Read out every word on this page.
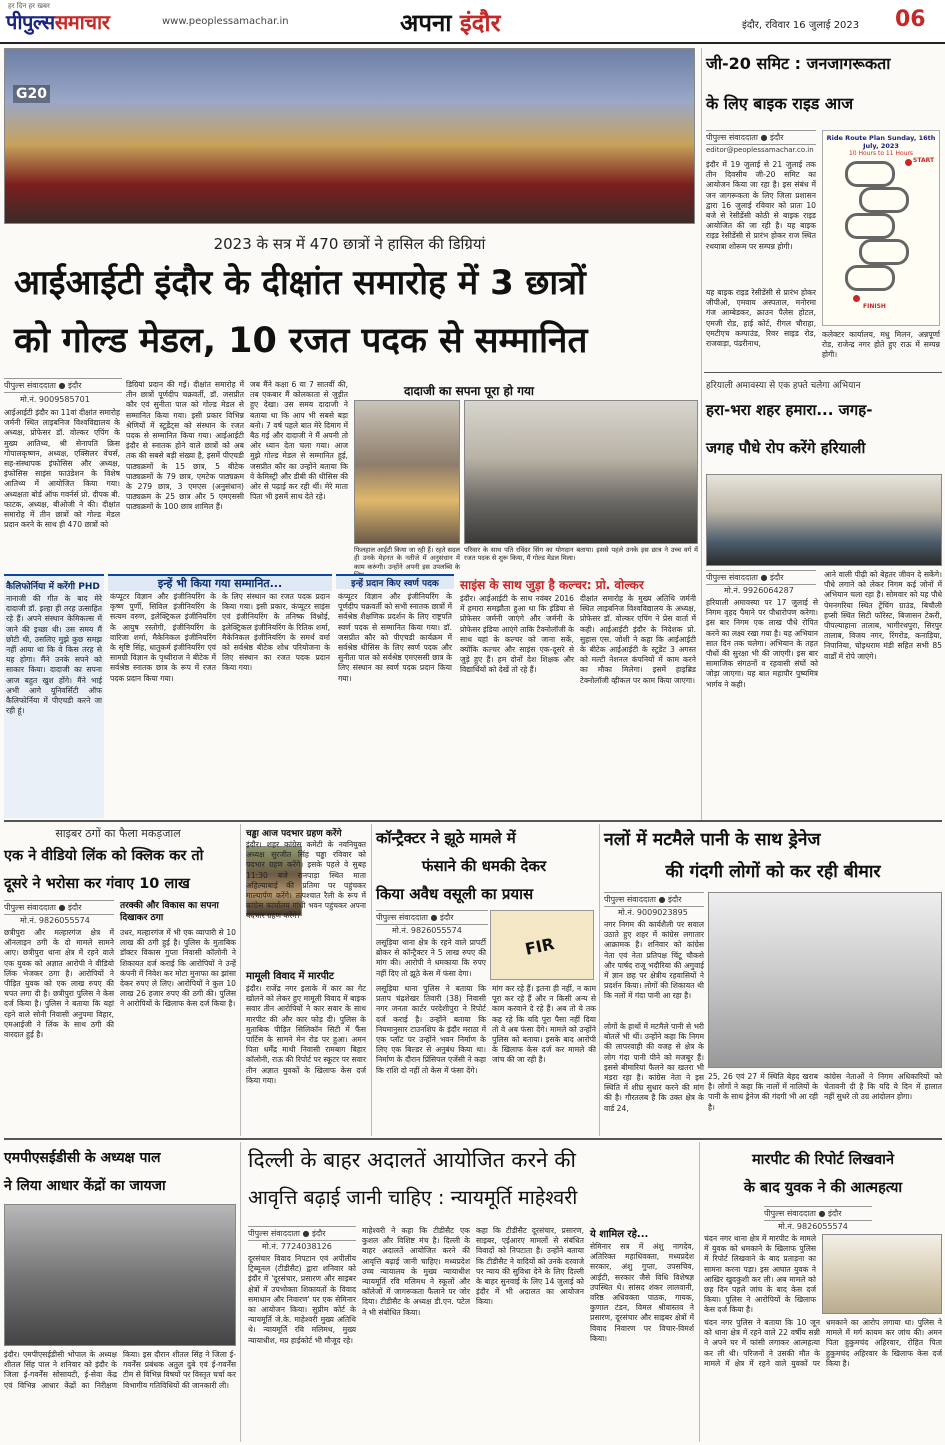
हर दिन हर खबर
पीपुल्ससमाचार	www.peoplessamachar.in	अपना इंदौर	इंदौर, रविवार 16 जुलाई 2023 06
G20
2023 के सत्र में 470 छात्रों ने हासिल की डिग्रियां
आईआईटी इंदौर के दीक्षांत समारोह में 3 छात्रों
को गोल्ड मेडल, 10 रजत पदक से सम्मानित
पीपुल्स संवाददाता ● इंदौर
मो.नं. 9009585701
आईआईटी इंदौर का 11वां दीक्षांत समारोह जर्मनी स्थित लाइबनिज विश्वविद्यालय के अध्यक्ष, प्रोफेसर डॉ. वोल्कर एपिंग के मुख्य आतिथ्य, श्री सेनापति क्रिस गोपालकृष्णन, अध्यक्ष, एक्सिलर वेंचर्स, सह-संस्थापक इंफोसिस और अध्यक्ष, इंफोसिस साइंस फाउंडेशन के विशेष आतिथ्य में आयोजित किया गया। अध्यक्षता बोर्ड ऑफ गवर्नर्स प्रो. दीपक बी. फाटक, अध्यक्ष, बीओजी ने की। दीक्षांत समारोह में तीन छात्रों को गोल्ड मेडल प्रदान करने के साथ ही 470 छात्रों को
डिग्रियां प्रदान की गईं। दीक्षांत समारोह में तीन छात्रों पूर्णदीप चक्रवर्ती, डॉ. जसप्रीत कौर एवं सुनीता पाल को गोल्ड मेडल से सम्मानित किया गया। इसी प्रकार विभिन्न श्रेणियों में स्टूडेंट्स को संस्थान के रजत पदक से सम्मानित किया गया। आईआईटी इंदौर से स्नातक होने वाले छात्रों को अब तक की सबसे बड़ी संख्या है, इसमें पीएचडी पाठ्यक्रमों के 15 छात्र, 5 बीटेक पाठ्यक्रमों के 79 छात्र, एमटेक पाठ्यक्रम के 279 छात्र, 3 एमएस (अनुसंधान) पाठ्यक्रम के 25 छात्र और 5 एमएससी पाठ्यक्रमों के 100 छात्र शामिल हैं।
दादाजी का सपना पूरा हो गया
जब मैंने कक्षा 6 या 7 सातवीं की, तब एकबार मैं कोलकाता से जुड़ीत हुए देखा। उस समय दादाजी ने बताया था कि आप भी सबसे बड़ा बनो। 7 वर्ष पहले बात मेरे दिमाग में बैठ गई और दादाजी ने मैं अपनी तो ओर ध्यान देता चला गया। आज मुझे गोल्ड मेडल से सम्मानित हुई, जसप्रीत कौर का उन्होंने बताया कि वे केमिस्ट्री और डीबी की थीसिस की ओर से पढ़ाई कर रही थीं। मेरे माता पिता भी इसमें साथ देते रहे।
फिलहाल आईटी किया जा रही हैं। रहते सदल ही उनके मेहनत के नतीजे में अनुसंधान में काम करूंगी। उन्होंने अपनी इस उपलब्धि के
परिवार के साथ पति रविंदर सिंग का योगदान बताया। इससे पहले उनके इस छात्र ने उच्च वर्ग में रजत पदक से शुरू किया, मैं गोल्ड मेडल मिला।
कैलिफोर्निया में करेंगी PHD
नानाजी की गीत के बाद मेरे दादाजी डॉ. इल्हा ही तरह उत्साहित रहे हैं। अपने संस्थान केमिकल्स में जाने की इच्छा थी। उस समय मैं छोटी थी, उसलिए मुझे कुछ समझ नहीं आया था कि वे किस तरह से यह होगा। मैंने उनके सपने को साकार किया। दादाजी का सपना आज बहुत खुश होंगे। मैंने भाई अभी आगे यूनिवर्सिटी ऑफ कैलिफोर्निया में पीएचडी करने जा रही हूं।
इन्हें भी किया गया सम्मानित...
कंप्यूटर विज्ञान और इंजीनियरिंग के कृष्ण पुर्णी, सिविल इंजीनियरिंग के सत्यम वरुण, इलेक्ट्रिकल इंजीनियरिंग के आयुष रस्तोगी, इंजीनियरिंग के वारिजा शर्मा, मैकेनिकल इंजीनियरिंग के सृष्टि सिंह, धातुकर्म इंजीनियरिंग एवं सामग्री विज्ञान के पृथ्वीराज ने बीटेक में सर्वश्रेष्ठ स्नातक छात्र के रूप में रजत पदक प्रदान किया गया।
के लिए संस्थान का रजत पदक प्रदान किया गया। इसी प्रकार, कंप्यूटर साइंस एवं इंजीनियरिंग के तनिष्क विश्नोई, इलेक्ट्रिकल इंजीनियरिंग के रितिक शर्मा, मैकेनिकल इंजीनियरिंग के समर्थ वर्मा को सर्वश्रेष्ठ बीटेक शोध परियोजना के लिए संस्थान का रजत पदक प्रदान किया गया।
इन्हें प्रदान किए स्वर्ण पदक
कंप्यूटर विज्ञान और इंजीनियरिंग के पूर्णदीप चक्रवर्ती को सभी स्नातक छात्रों में सर्वश्रेष्ठ शैक्षणिक प्रदर्शन के लिए राष्ट्रपति स्वर्ण पदक से सम्मानित किया गया। डॉ. जसप्रीत कौर को पीएचडी कार्यक्रम में सर्वश्रेष्ठ थीसिस के लिए स्वर्ण पदक और सुनीता पाल को सर्वश्रेष्ठ एमएससी छात्र के लिए संस्थान का स्वर्ण पदक प्रदान किया गया।
साइंस के साथ जुड़ा है कल्चर: प्रो. वोल्कर
इंदौर। आईआईटी के साथ नवंबर 2016 में हमारा समझौता हुआ था कि इंडिया से प्रोफेसर जर्मनी जाएंगे और जर्मनी के प्रोफेसर इंडिया आएंगे ताकि टैक्नोलॉजी के साथ यहां के कल्चर को जाना सकें, क्योंकि कल्चर और साइंस एक-दूसरे से जुड़े हुए हैं। हम दोनों देश शिक्षक और विद्यार्थियों को देखें तो रहे हैं।
दीक्षांत समारोह के मुख्य अतिथि जर्मनी स्थित लाइबनिज विश्वविद्यालय के अध्यक्ष, प्रोफेसर डॉ. वोल्कर एपिंग ने प्रेस वार्ता में कही। आईआईटी इंदौर के निदेशक प्रो. सुहास एस. जोशी ने कहा कि आईआईटी के बीटेक आईआईटी के स्टूडेंट 3 अगस्त को मल्टी नेशनल कंपनियों में काम करने का मौका मिलेगा। इसमें हाइब्रिड टेक्नोलॉजी व्हीकल पर काम किया जाएगा।
जी-20 समिट : जनजागरूकता
के लिए बाइक राइड आज
पीपुल्स संवाददाता ● इंदौर
editor@peoplessamachar.co.in
इंदौर में 19 जुलाई से 21 जुलाई तक तीन दिवसीय जी-20 समिट का आयोजन किया जा रहा है। इस संबंध में जन जागरूकता के लिए जिला प्रशासन द्वारा 16 जुलाई रविवार को प्रातः 10 बजे से रेसीडेंसी कोठी से बाइक राइड आयोजित की जा रही है। यह बाइक राइड रेसीडेंसी से प्रारंभ होकर राज स्थित रथयात्रा शोरूम पर सम्पन्न होगी।
यह बाइक राइड रेसीडेंसी से प्रारंभ होकर जीपीओ, एमवाय अस्पताल, मनोरमा गंज आम्बेडकर, क्राउन पैलेस होटल, एमजी रोड, हाई कोर्ट, रीगल चौराहा, एमटीएच कम्पाउंड, रिवर साइड रोड, राजवाड़ा, पंढरीनाथ,
कलेक्टर कार्यालय, मधु मिलन, अन्नपूर्णा रोड, राजेन्द्र नगर होते हुए राऊ में सम्पन्न होगी।
Ride Route Plan Sunday, 16th July, 2023
10 Hours to 11 Hours
START
FINISH
हरियाली अमावस्या से एक हफ्ते चलेगा अभियान
हरा-भरा शहर हमारा... जगह-
जगह पौधे रोप करेंगे हरियाली
पीपुल्स संवाददाता ● इंदौर
मो.नं. 9926064287
हरियाली अमावस्या पर 17 जुलाई से निगम वृहद पैमाने पर पौधारोपण करेगा। इस बार निगम एक लाख पौधे रोपित करने का लक्ष्य रखा गया है। यह अभियान सात दिन तक चलेगा। अभियान के तहत पौधों की सुरक्षा भी की जाएगी। इस बार सामाजिक संगठनों व रहवासी संघों को जोड़ा जाएगा। यह बात महापौर पुष्यमित्र भार्गव ने कही।
आने वाली पीढ़ी को बेहतर जीवन दे सकेंगे। पौधे लगाने को लेकर निगम कई जोनों में अभियान चला रहा है। सोमवार को यह पौधे पेमनगरिया स्थित ट्रेंचिंग ग्राउंड, बिचौली हप्सी स्थित सिटी फॉरेस्ट, बिजासन टेकरी, पीपल्याहाना तालाब, भागीरथपुरा, सिरपुर तालाब, विजय नगर, रिंगरोड, कनाड़िया, निपानिया, चोइथराम मंडी सहित सभी 85 वार्डों में रोपे जाएंगे।
साइबर ठगों का फैला मकड़जाल
एक ने वीडियो लिंक को क्लिक कर तो
दूसरे ने भरोसा कर गंवाए 10 लाख
पीपुल्स संवाददाता ● इंदौर
मो.नं. 9826055574
छत्रीपुरा और मल्हारगंज क्षेत्र में ऑनलाइन ठगी के दो मामले सामने आए। छत्रीपुरा थाना क्षेत्र में रहने वाले एक युवक को अज्ञात आरोपी ने वीडियो लिंक भेजकर ठगा है। आरोपियों ने पीड़ित युवक को एक लाख रुपए की चपत लगा दी है। छत्रीपुरा पुलिस ने केस दर्ज किया है। पुलिस ने बताया कि यहां रहने वाले सोनी निवासी अनुपमा विहार, एमआईजी ने लिंक के साथ ठगी की वारदात हुई है।
तरक्की और विकास का सपना दिखाकर ठगा
उधर, मल्हारगंज में भी एक व्यापारी से 10 लाख की ठगी हुई है। पुलिस के मुताबिक डॉक्टर विकास गुप्ता निवासी कॉलोनी ने शिकायत दर्ज कराई कि आरोपियों ने उन्हें कंपनी में निवेश कर मोटा मुनाफा का झांसा देकर रुपए ले लिए। आरोपियों ने कुल 10 लाख 26 हजार रुपए की ठगी की। पुलिस ने आरोपियों के खिलाफ केस दर्ज किया है।
चड्ढा आज पदभार ग्रहण करेंगे
इंदौर। शहर कांग्रेस कमेटी के नवनियुक्त अध्यक्ष सुरजीत सिंह चड्ढा रविवार को पदभार ग्रहण करेंगे। इसके पहले वे सुबह 11:30 बजे रानपाड़ा स्थित माता अहिल्याबाई की प्रतिमा पर पहुंचकर माल्यार्पण करेंगे। तत्पश्चात रैली के रूप में कांग्रेस कार्यालय गांधी भवन पहुंचकर अपना पदभार ग्रहण करेंगे।
मामूली विवाद में मारपीट
इंदौर। राजेंद्र नगर इलाके में कार का गेट खोलने को लेकर हुए मामूली विवाद में बाइक सवार तीन आरोपियों ने कार सवार के साथ मारपीट की और कार फोड़ दी। पुलिस के मुताबिक पीड़ित सिलिकॉन सिटी में फैंस पार्टिस के सामने मेन रोड पर हुआ। अमन पिता धर्मेंद्र माथी निवासी रामबाग बिहार कॉलोनी, राऊ की रिपोर्ट पर स्कूटर पर सवार तीन अज्ञात युवकों के खिलाफ केस दर्ज किया गया।
कॉन्ट्रैक्टर ने झूठे मामले में
फंसाने की धमकी देकर
किया अवैध वसूली का प्रयास
पीपुल्स संवाददाता ● इंदौर
मो.नं. 9826055574
FIR
लसूड़िया थाना क्षेत्र के रहने वाले प्रापर्टी ब्रोकर से कॉन्ट्रैक्टर ने 5 लाख रुपए की मांग की। आरोपी ने धमकाया कि रुपए नहीं दिए तो झूठे केस में फंसा देगा।
लसूड़िया थाना पुलिस ने बताया कि प्रताप चंद्रशेखर तिवारी (38) निवासी नगर जनता कार्टर परदेशीपुरा ने रिपोर्ट दर्ज कराई है। उन्होंने बताया कि नियमानुसार टाउनशिप के इंदौर मराठा में एक प्लॉट पर उन्होंने भवन निर्माण के लिए एक बिल्डर से अनुबंध किया था। निर्माण के दौरान प्रिंसिपल एजेंसी ने कहा कि राशि दो नहीं तो केस में फंसा देंगे।
मांग कर रहे हैं। इतना ही नहीं, न काम पूरा कर रहे हैं और न किसी अन्य से काम करवाने दे रहे हैं। अब तो ये तक कह रहे कि यदि पूरा पैसा नहीं दिया तो वे अब फंसा देंगे। मामले को उन्होंने पुलिस को बताया। इसके बाद आरोपी के खिलाफ केस दर्ज कर मामले की जांच की जा रही है।
नलों में मटमैले पानी के साथ ड्रेनेज
की गंदगी लोगों को कर रही बीमार
पीपुल्स संवाददाता ● इंदौर
मो.नं. 9009023895
नगर निगम की कार्यशैली पर सवाल उठाते हुए शहर में कांग्रेस लगातार आक्रामक है। शनिवार को कांग्रेस नेता एवं नेता प्रतिपक्ष चिंटू चौकसे और पार्षद राजू भदौरिया की अगुवाई में ज्ञान छह पर क्षेत्रीय रहवासियों ने प्रदर्शन किया। लोगों की शिकायत थी कि नलों में गंदा पानी आ रहा है।
लोगों के हाथों में मटमैले पानी से भरी बोतलें भी थीं। उन्होंने कहा कि निगम की लापरवाही की वजह से क्षेत्र के लोग गंदा पानी पीने को मजबूर हैं। इससे बीमारियां फैलने का खतरा भी मंडरा रहा है। कांग्रेस नेता ने इस स्थिति में शीघ्र सुधार करने की मांग की है। गौरतलब है कि उक्त क्षेत्र के वार्ड 24,
25, 26 एवं 27 में स्थिति बेहद खराब है। लोगों ने कहा कि नालों में नालियों के पानी के साथ ड्रेनेज की गंदगी भी आ रही है।
कांग्रेस नेताओं ने निगम अधिकारियों को चेतावनी दी है कि यदि ये दिन में हालात नहीं सुधरे तो उग्र आंदोलन होगा।
एमपीएसईडीसी के अध्यक्ष पाल
ने लिया आधार केंद्रों का जायजा
इंदौर। एमपीएसईडीसी भोपाल के अध्यक्ष शीतल सिंह पाल ने शनिवार को इंदौर के जिला ई-गवर्नेंस सोसायटी, ई-सेवा केंद्र एवं विभिन्न आधार केंद्रों का निरीक्षण किया। इस दौरान शीतल सिंह ने जिला ई-गवर्नेंस प्रबंधक अतुल दुबे एवं ई-गवर्नेंस टीम से विभिन्न विषयों पर विस्तृत चर्चा कर विभागीय गतिविधियों की जानकारी ली।
दिल्ली के बाहर अदालतें आयोजित करने की
आवृत्ति बढ़ाई जानी चाहिए : न्यायमूर्ति माहेश्वरी
पीपुल्स संवाददाता ● इंदौर
मो.नं. 7724038126
दूरसंचार विवाद निपटान एवं अपीलीय ट्रिब्यूनल (टीडीसैट) द्वारा शनिवार को इंदौर में 'दूरसंचार, प्रसारण और साइबर क्षेत्रों में उपभोक्ता शिकायतों के विवाद समाधान और निवारण' पर एक सेमिनार का आयोजन किया। सुप्रीम कोर्ट के न्यायमूर्ति जे.के. माहेश्वरी मुख्य अतिथि थे। न्यायमूर्ति रवि मलिमथ, मुख्य न्यायाधीश, मप्र हाईकोर्ट भी मौजूद रहे।
माहेश्वरी ने कहा कि टीडीसैट एक कुशल और विशिष्ट मंच है। दिल्ली के बाहर अदालतें आयोजित करने की आवृत्ति बढ़ाई जानी चाहिए। मध्यप्रदेश उच्च न्यायालय के मुख्य न्यायाधीश न्यायमूर्ति रवि मलिमथ ने स्कूलों और कॉलेजों में जागरूकता फैलाने पर जोर दिया। टीडीसैट के अध्यक्ष डी.एन. पटेल ने भी संबोधित किया।
कहा कि टीडीसैट दूरसंचार, प्रसारण, साइबर, एईआरए मामलों से संबंधित विवादों को निपटाता है। उन्होंने बताया कि टीडीसैट ने वादियों को उनके दरवाजे पर न्याय की सुविधा देने के लिए दिल्ली के बाहर सुनवाई के लिए 14 जुलाई को इंदौर में भी अदालत का आयोजन किया।
ये शामिल रहे...
सेमिनार सत्र में अंशु नागदेव, अतिरिक्त महाधिवक्ता, मध्यप्रदेश सरकार, अंशु गुप्ता, उपसचिव, आईटी, सरकार जैसे विधि विशेषज्ञ उपस्थित थे। सांसद शंकर लालवानी, वरिष्ठ अधिवक्ता पाठक, गायक, कुणाल टंडन, विमल श्रीवास्तव ने प्रसारण, दूरसंचार और साइबर क्षेत्रों में विवाद निवारण पर विचार-विमर्श किया।
मारपीट की रिपोर्ट लिखवाने
के बाद युवक ने की आत्महत्या
पीपुल्स संवाददाता ● इंदौर
मो.नं. 9826055574
चंदन नगर थाना क्षेत्र में मारपीट के मामले में युवक को धमकाने के खिलाफ पुलिस में रिपोर्ट लिखवाने के बाद प्रताड़ना का सामना करना पड़ा। इस आघात युवक ने आखिर खुदकुशी कर ली। अब मामले को छह दिन पहले जांच के बाद केस दर्ज किया। पुलिस ने आरोपियों के खिलाफ केस दर्ज किया है।
चंदन नगर पुलिस ने बताया कि 10 जून को थाना क्षेत्र में रहने वाले 22 वर्षीय सन्नी ने अपने घर में फांसी लगाकर आत्महत्या कर ली थी। परिजनों ने उसकी मौत के मामले में क्षेत्र में रहने वाले युवकों पर धमकाने का आरोप लगाया था। पुलिस ने मामले में मर्ग कायम कर जांच की। अमन पिता हुकुमचंद अहिरवार, रोहित पिता हुकुमचंद अहिरवार के खिलाफ केस दर्ज किया है।
